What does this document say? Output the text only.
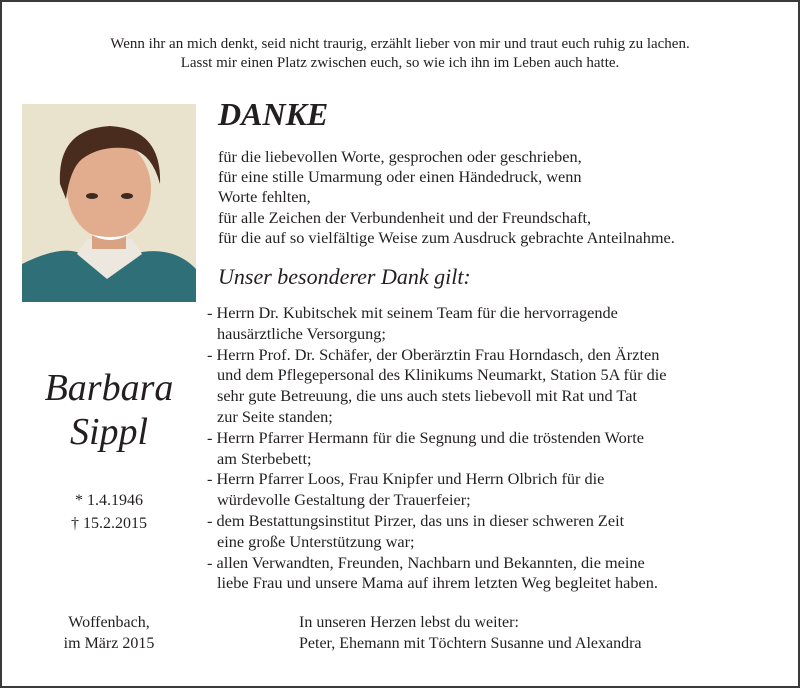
Wenn ihr an mich denkt, seid nicht traurig, erzählt lieber von mir und traut euch ruhig zu lachen.
Lasst mir einen Platz zwischen euch, so wie ich ihn im Leben auch hatte.
DANKE
für die liebevollen Worte, gesprochen oder geschrieben,
für eine stille Umarmung oder einen Händedruck, wenn
Worte fehlten,
für alle Zeichen der Verbundenheit und der Freundschaft,
für die auf so vielfältige Weise zum Ausdruck gebrachte Anteilnahme.
Unser besonderer Dank gilt:
- Herrn Dr. Kubitschek mit seinem Team für die hervorragende
hausärztliche Versorgung;
- Herrn Prof. Dr. Schäfer, der Oberärztin Frau Horndasch, den Ärzten
und dem Pflegepersonal des Klinikums Neumarkt, Station 5A für die
sehr gute Betreuung, die uns auch stets liebevoll mit Rat und Tat
zur Seite standen;
- Herrn Pfarrer Hermann für die Segnung und die tröstenden Worte
am Sterbebett;
- Herrn Pfarrer Loos, Frau Knipfer und Herrn Olbrich für die
würdevolle Gestaltung der Trauerfeier;
- dem Bestattungsinstitut Pirzer, das uns in dieser schweren Zeit
eine große Unterstützung war;
- allen Verwandten, Freunden, Nachbarn und Bekannten, die meine
liebe Frau und unsere Mama auf ihrem letzten Weg begleitet haben.
Barbara
Sippl
* 1.4.1946
† 15.2.2015
Woffenbach,
im März 2015
In unseren Herzen lebst du weiter:
Peter, Ehemann mit Töchtern Susanne und Alexandra
